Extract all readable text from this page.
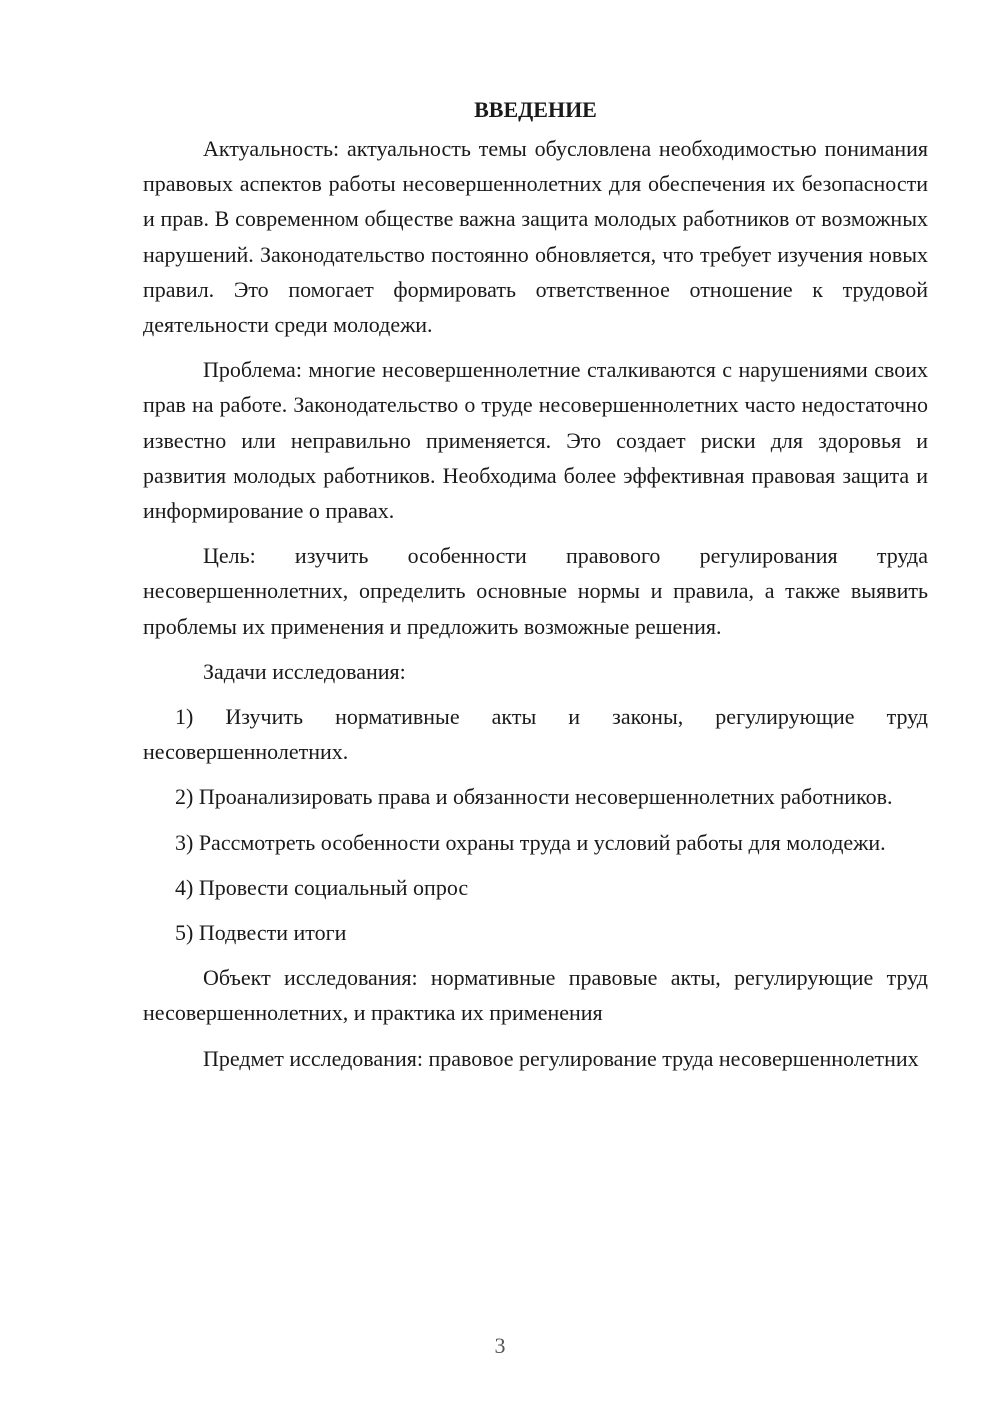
ВВЕДЕНИЕ

Актуальность: актуальность темы обусловлена необходимостью понимания правовых аспектов работы несовершеннолетних для обеспечения их безопасности и прав. В современном обществе важна защита молодых работников от возможных нарушений. Законодательство постоянно обновляется, что требует изучения новых правил. Это помогает формировать ответственное отношение к трудовой деятельности среди молодежи.

Проблема: многие несовершеннолетние сталкиваются с нарушениями своих прав на работе. Законодательство о труде несовершеннолетних часто недостаточно известно или неправильно применяется. Это создает риски для здоровья и развития молодых работников. Необходима более эффективная правовая защита и информирование о правах.

Цель: изучить особенности правового регулирования труда несовершеннолетних, определить основные нормы и правила, а также выявить проблемы их применения и предложить возможные решения.

Задачи исследования:

1) Изучить нормативные акты и законы, регулирующие труд несовершеннолетних.

2) Проанализировать права и обязанности несовершеннолетних работников.

3) Рассмотреть особенности охраны труда и условий работы для молодежи.

4) Провести социальный опрос

5) Подвести итоги

Объект исследования: нормативные правовые акты, регулирующие труд несовершеннолетних, и практика их применения

Предмет исследования: правовое регулирование труда несовершеннолетних

3
